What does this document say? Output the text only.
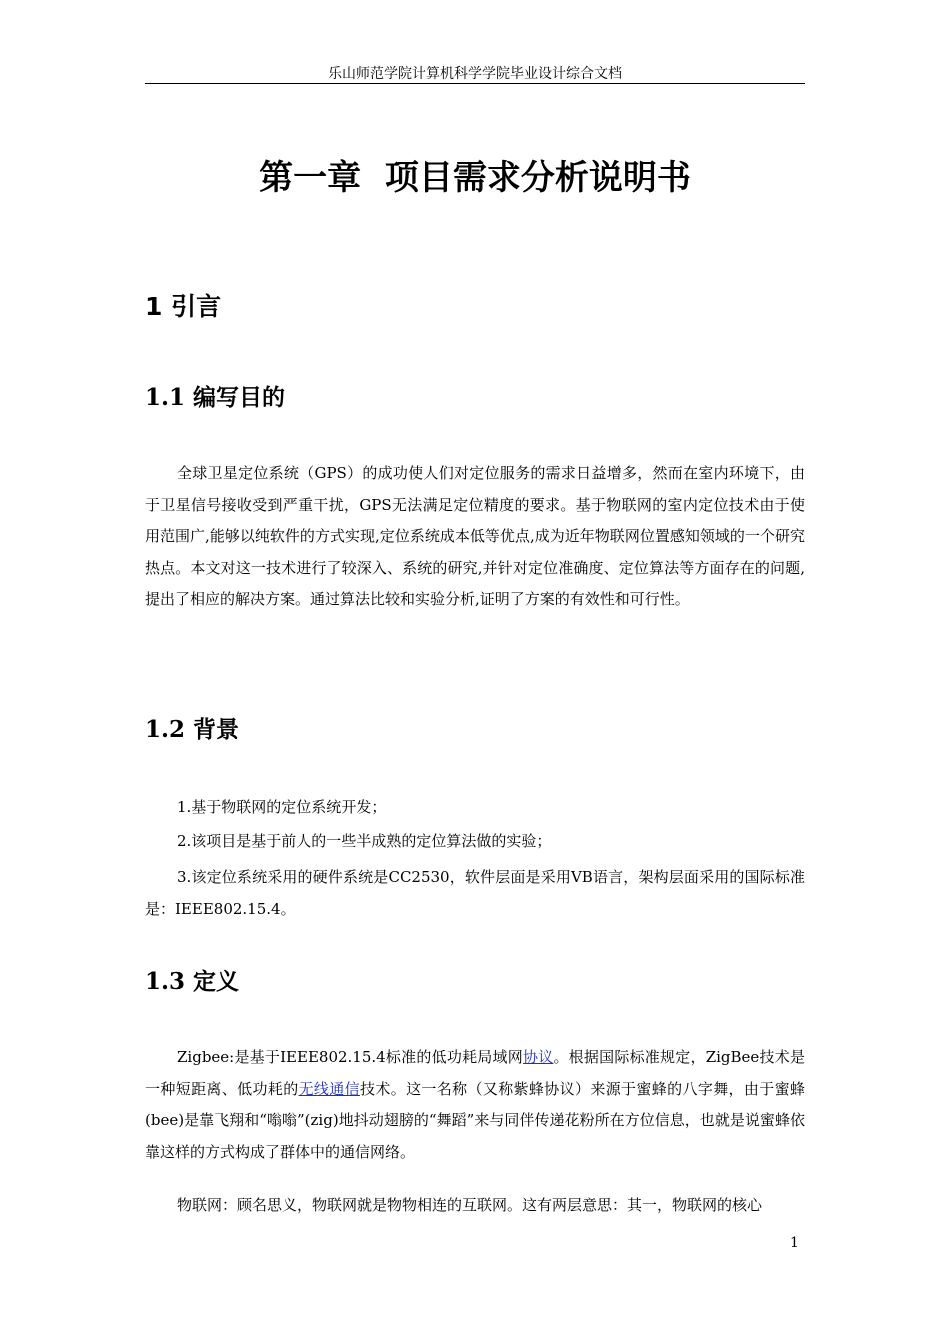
乐山师范学院计算机科学学院毕业设计综合文档
第一章  项目需求分析说明书
1 引言
1.1 编写目的
全球卫星定位系统（GPS）的成功使人们对定位服务的需求日益增多，然而在室内环境下，由于卫星信号接收受到严重干扰，GPS无法满足定位精度的要求。基于物联网的室内定位技术由于使用范围广,能够以纯软件的方式实现,定位系统成本低等优点,成为近年物联网位置感知领域的一个研究热点。本文对这一技术进行了较深入、系统的研究,并针对定位准确度、定位算法等方面存在的问题,提出了相应的解决方案。通过算法比较和实验分析,证明了方案的有效性和可行性。
1.2 背景
1.基于物联网的定位系统开发；
2.该项目是基于前人的一些半成熟的定位算法做的实验；
3.该定位系统采用的硬件系统是CC2530，软件层面是采用VB语言，架构层面采用的国际标准是：IEEE802.15.4。
1.3 定义
Zigbee:是基于IEEE802.15.4标准的低功耗局域网协议。根据国际标准规定，ZigBee技术是一种短距离、低功耗的无线通信技术。这一名称（又称紫蜂协议）来源于蜜蜂的八字舞，由于蜜蜂(bee)是靠飞翔和“嗡嗡”(zig)地抖动翅膀的“舞蹈”来与同伴传递花粉所在方位信息，也就是说蜜蜂依靠这样的方式构成了群体中的通信网络。
物联网：顾名思义，物联网就是物物相连的互联网。这有两层意思：其一，物联网的核心
1
